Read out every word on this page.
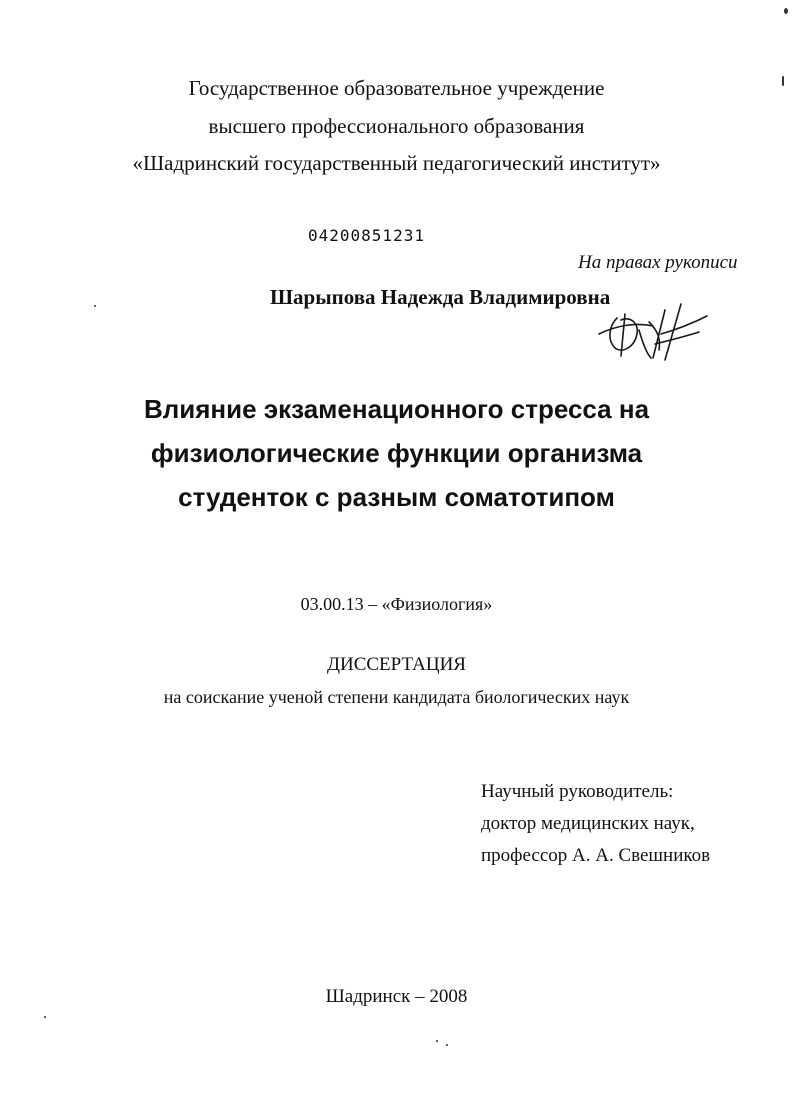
Государственное образовательное учреждение
высшего профессионального образования
«Шадринский государственный педагогический институт»
04200851231
На правах рукописи
Шарыпова Надежда Владимировна
Влияние экзаменационного стресса на
физиологические функции организма
студенток с разным соматотипом
03.00.13 – «Физиология»
ДИССЕРТАЦИЯ
на соискание ученой степени кандидата биологических наук
Научный руководитель:
доктор медицинских наук,
профессор А. А. Свешников
Шадринск – 2008
